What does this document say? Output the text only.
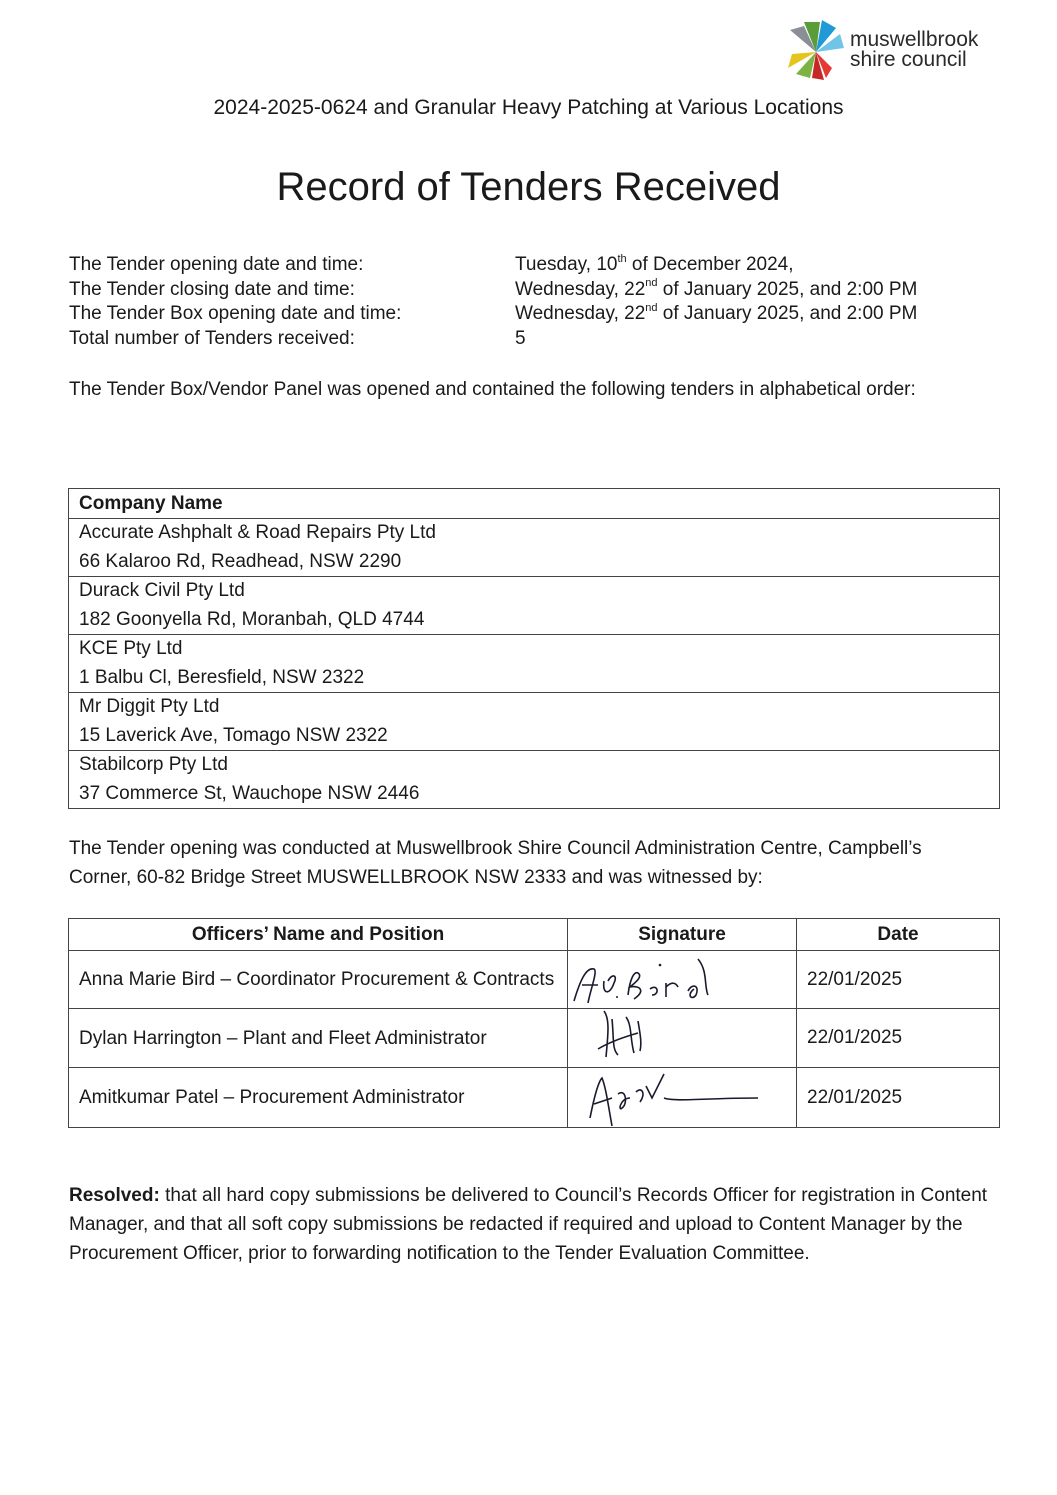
muswellbrook
shire council
2024-2025-0624 and Granular Heavy Patching at Various Locations
Record of Tenders Received
The Tender opening date and time:	Tuesday, 10th of December 2024,
The Tender closing date and time:	Wednesday, 22nd of January 2025, and 2:00 PM
The Tender Box opening date and time:	Wednesday, 22nd of January 2025, and 2:00 PM
Total number of Tenders received:	5
The Tender Box/Vendor Panel was opened and contained the following tenders in alphabetical order:
Company Name

Accurate Ashphalt & Road Repairs Pty Ltd
66 Kalaroo Rd, Readhead, NSW 2290

Durack Civil Pty Ltd
182 Goonyella Rd, Moranbah, QLD 4744

KCE Pty Ltd
1 Balbu Cl, Beresfield, NSW 2322

Mr Diggit Pty Ltd
15 Laverick Ave, Tomago NSW 2322

Stabilcorp Pty Ltd
37 Commerce St, Wauchope NSW 2446
The Tender opening was conducted at Muswellbrook Shire Council Administration Centre, Campbell’s Corner, 60-82 Bridge Street MUSWELLBROOK NSW 2333 and was witnessed by:
Officers’ Name and Position	Signature	Date
Anna Marie Bird – Coordinator Procurement & Contracts		22/01/2025
Dylan Harrington – Plant and Fleet Administrator		22/01/2025
Amitkumar Patel – Procurement Administrator		22/01/2025
Resolved: that all hard copy submissions be delivered to Council’s Records Officer for registration in Content Manager, and that all soft copy submissions be redacted if required and upload to Content Manager by the Procurement Officer, prior to forwarding notification to the Tender Evaluation Committee.
